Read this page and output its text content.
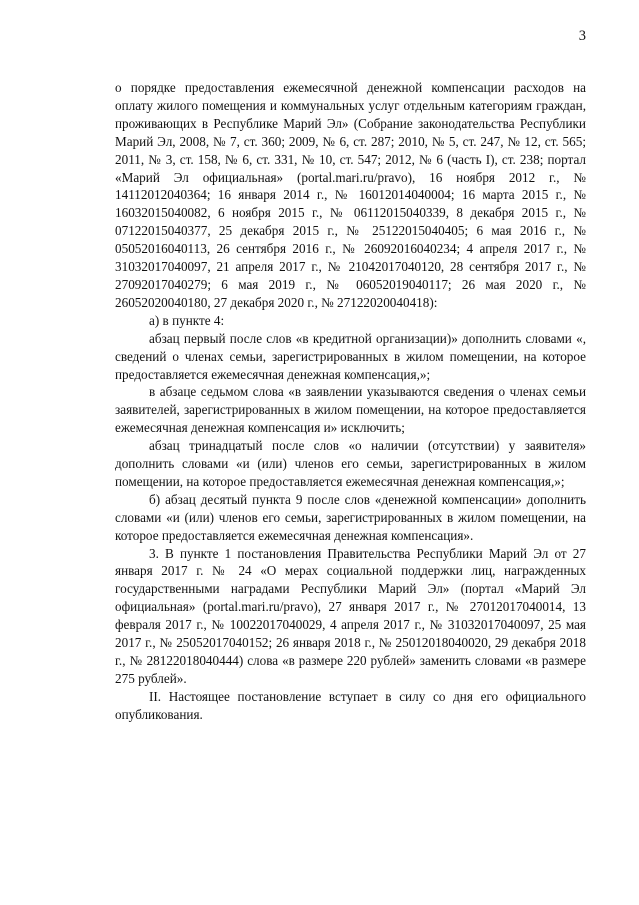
3

о порядке предоставления ежемесячной денежной компенсации расходов на оплату жилого помещения и коммунальных услуг отдельным категориям граждан, проживающих в Республике Марий Эл» (Собрание законодательства Республики Марий Эл, 2008, № 7, ст. 360; 2009, № 6, ст. 287; 2010, № 5, ст. 247, № 12, ст. 565; 2011, № 3, ст. 158, № 6, ст. 331, № 10, ст. 547; 2012, № 6 (часть I), ст. 238; портал «Марий Эл официальная» (portal.mari.ru/pravo), 16 ноября 2012 г., № 14112012040364; 16 января 2014 г., № 16012014040004; 16 марта 2015 г., № 16032015040082, 6 ноября 2015 г., № 06112015040339, 8 декабря 2015 г., № 07122015040377, 25 декабря 2015 г., № 25122015040405; 6 мая 2016 г., № 05052016040113, 26 сентября 2016 г., № 26092016040234; 4 апреля 2017 г., № 31032017040097, 21 апреля 2017 г., № 21042017040120, 28 сентября 2017 г., № 27092017040279; 6 мая 2019 г., № 06052019040117; 26 мая 2020 г., № 26052020040180, 27 декабря 2020 г., № 27122020040418):

а) в пункте 4:

абзац первый после слов «в кредитной организации)» дополнить словами «, сведений о членах семьи, зарегистрированных в жилом помещении, на которое предоставляется ежемесячная денежная компенсация,»;

в абзаце седьмом слова «в заявлении указываются сведения о членах семьи заявителей, зарегистрированных в жилом помещении, на которое предоставляется ежемесячная денежная компенсация и» исключить;

абзац тринадцатый после слов «о наличии (отсутствии) у заявителя» дополнить словами «и (или) членов его семьи, зарегистрированных в жилом помещении, на которое предоставляется ежемесячная денежная компенсация,»;

б) абзац десятый пункта 9 после слов «денежной компенсации» дополнить словами «и (или) членов его семьи, зарегистрированных в жилом помещении, на которое предоставляется ежемесячная денежная компенсация».

3. В пункте 1 постановления Правительства Республики Марий Эл от 27 января 2017 г. № 24 «О мерах социальной поддержки лиц, награжденных государственными наградами Республики Марий Эл» (портал «Марий Эл официальная» (portal.mari.ru/pravo), 27 января 2017 г., № 27012017040014, 13 февраля 2017 г., № 10022017040029, 4 апреля 2017 г., № 31032017040097, 25 мая 2017 г., № 25052017040152; 26 января 2018 г., № 25012018040020, 29 декабря 2018 г., № 28122018040444) слова «в размере 220 рублей» заменить словами «в размере 275 рублей».

II. Настоящее постановление вступает в силу со дня его официального опубликования.
